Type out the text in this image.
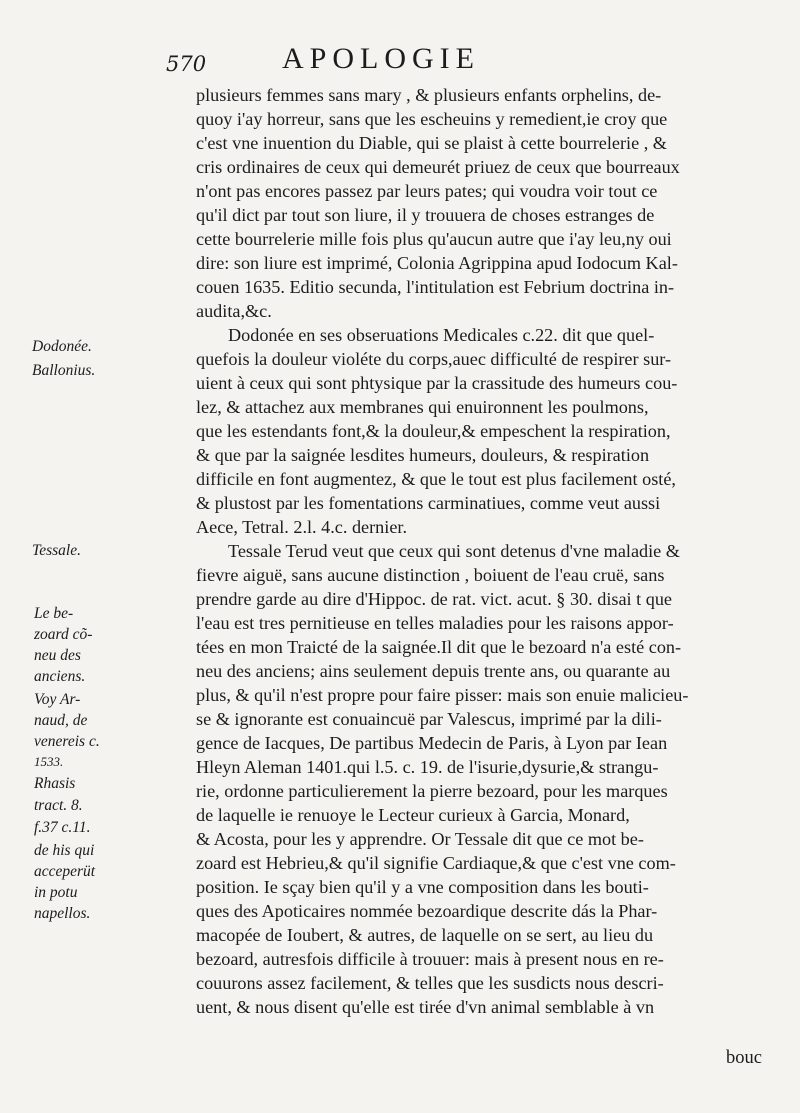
570	APOLOGIE
Dodonée.
Ballonius.
Tessale.
Le be-
zoard cõ-
neu des
anciens.
Voy Ar-
naud, de
venereis c.
1533.
Rhasis
tract. 8.
f.37 c.11.
de his qui
acceperüt
in potu
napellos.
plusieurs femmes sans mary , & plusieurs enfants orphelins, de-
quoy i'ay horreur, sans que les escheuins y remedient,ie croy que
c'est vne inuention du Diable, qui se plaist à cette bourrelerie , &
cris ordinaires de ceux qui demeurét priuez de ceux que bourreaux
n'ont pas encores passez par leurs pates; qui voudra voir tout ce
qu'il dict par tout son liure, il y trouuera de choses estranges de
cette bourrelerie mille fois plus qu'aucun autre que i'ay leu,ny oui
dire: son liure est imprimé, Colonia Agrippina apud Iodocum Kal-
couen 1635. Editio secunda, l'intitulation est Febrium doctrina in-
audita,&c.
Dodonée en ses obseruations Medicales c.22. dit que quel-
quefois la douleur violéte du corps,auec difficulté de respirer sur-
uient à ceux qui sont phtysique par la crassitude des humeurs cou-
lez, & attachez aux membranes qui enuironnent les poulmons,
que les estendants font,& la douleur,& empeschent la respiration,
& que par la saignée lesdites humeurs, douleurs, & respiration
difficile en font augmentez, & que le tout est plus facilement osté,
& plustost par les fomentations carminatiues, comme veut aussi
Aece, Tetral. 2.l. 4.c. dernier.
Tessale Terud veut que ceux qui sont detenus d'vne maladie &
fievre aiguë, sans aucune distinction , boiuent de l'eau cruë, sans
prendre garde au dire d'Hippoc. de rat. vict. acut. § 30. disai t que
l'eau est tres pernitieuse en telles maladies pour les raisons appor-
tées en mon Traicté de la saignée.Il dit que le bezoard n'a esté con-
neu des anciens; ains seulement depuis trente ans, ou quarante au
plus, & qu'il n'est propre pour faire pisser: mais son enuie malicieu-
se & ignorante est conuaincuë par Valescus, imprimé par la dili-
gence de Iacques, De partibus Medecin de Paris, à Lyon par Iean
Hleyn Aleman 1401.qui l.5. c. 19. de l'isurie,dysurie,& strangu-
rie, ordonne particulierement la pierre bezoard, pour les marques
de laquelle ie renuoye le Lecteur curieux à Garcia, Monard,
& Acosta, pour les y apprendre. Or Tessale dit que ce mot be-
zoard est Hebrieu,& qu'il signifie Cardiaque,& que c'est vne com-
position. Ie sçay bien qu'il y a vne composition dans les bouti-
ques des Apoticaires nommée bezoardique descrite dás la Phar-
macopée de Ioubert, & autres, de laquelle on se sert, au lieu du
bezoard, autresfois difficile à trouuer: mais à present nous en re-
couurons assez facilement, & telles que les susdicts nous descri-
uent, & nous disent qu'elle est tirée d'vn animal semblable à vn
bouc
